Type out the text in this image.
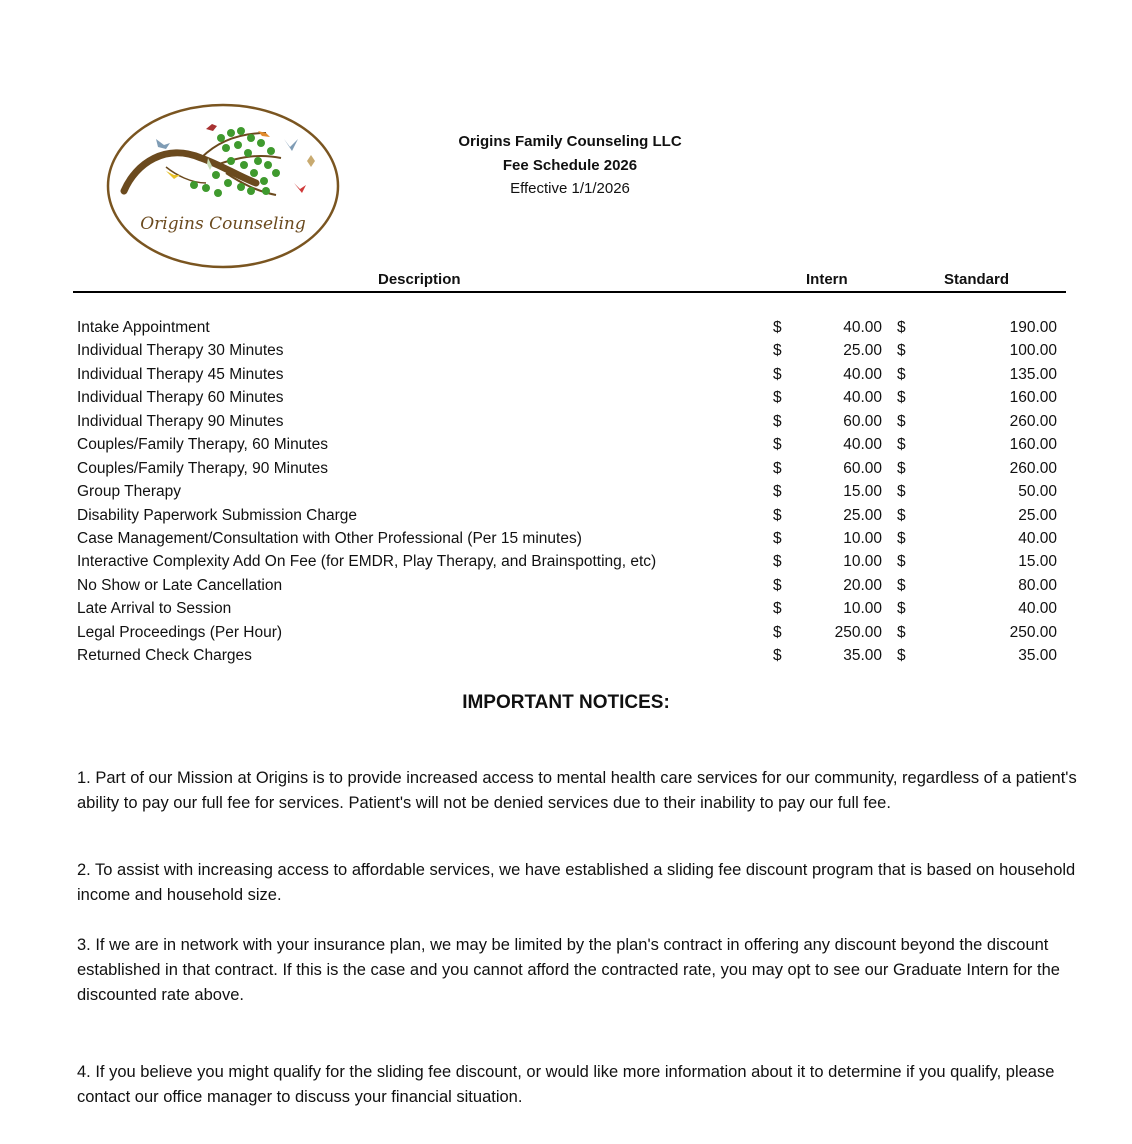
Origins Counseling
Origins Family Counseling LLC
Fee Schedule 2026
Effective 1/1/2026
Description	Intern	Standard
Intake Appointment	$	40.00 $	190.00
Individual Therapy 30 Minutes	$	25.00 $	100.00
Individual Therapy 45 Minutes	$	40.00 $	135.00
Individual Therapy 60 Minutes	$	40.00 $	160.00
Individual Therapy 90 Minutes	$	60.00 $	260.00
Couples/Family Therapy, 60 Minutes	$	40.00 $	160.00
Couples/Family Therapy, 90 Minutes	$	60.00 $	260.00
Group Therapy	$	15.00 $	50.00
Disability Paperwork Submission Charge	$	25.00 $	25.00
Case Management/Consultation with Other Professional (Per 15 minutes)	$	10.00 $	40.00
Interactive Complexity Add On Fee (for EMDR, Play Therapy, and Brainspotting, etc)	$	10.00 $	15.00
No Show or Late Cancellation	$	20.00 $	80.00
Late Arrival to Session	$	10.00 $	40.00
Legal Proceedings (Per Hour)	$	250.00 $	250.00
Returned Check Charges	$	35.00 $	35.00
IMPORTANT NOTICES:
1. Part of our Mission at Origins is to provide increased access to mental health care services for our community, regardless of a patient's ability to pay our full fee for services. Patient's will not be denied services due to their inability to pay our full fee.
2. To assist with increasing access to affordable services, we have established a sliding fee discount program that is based on household income and household size.
3. If we are in network with your insurance plan, we may be limited by the plan's contract in offering any discount beyond the discount established in that contract. If this is the case and you cannot afford the contracted rate, you may opt to see our Graduate Intern for the discounted rate above.
4. If you believe you might qualify for the sliding fee discount, or would like more information about it to determine if you qualify, please contact our office manager to discuss your financial situation.
